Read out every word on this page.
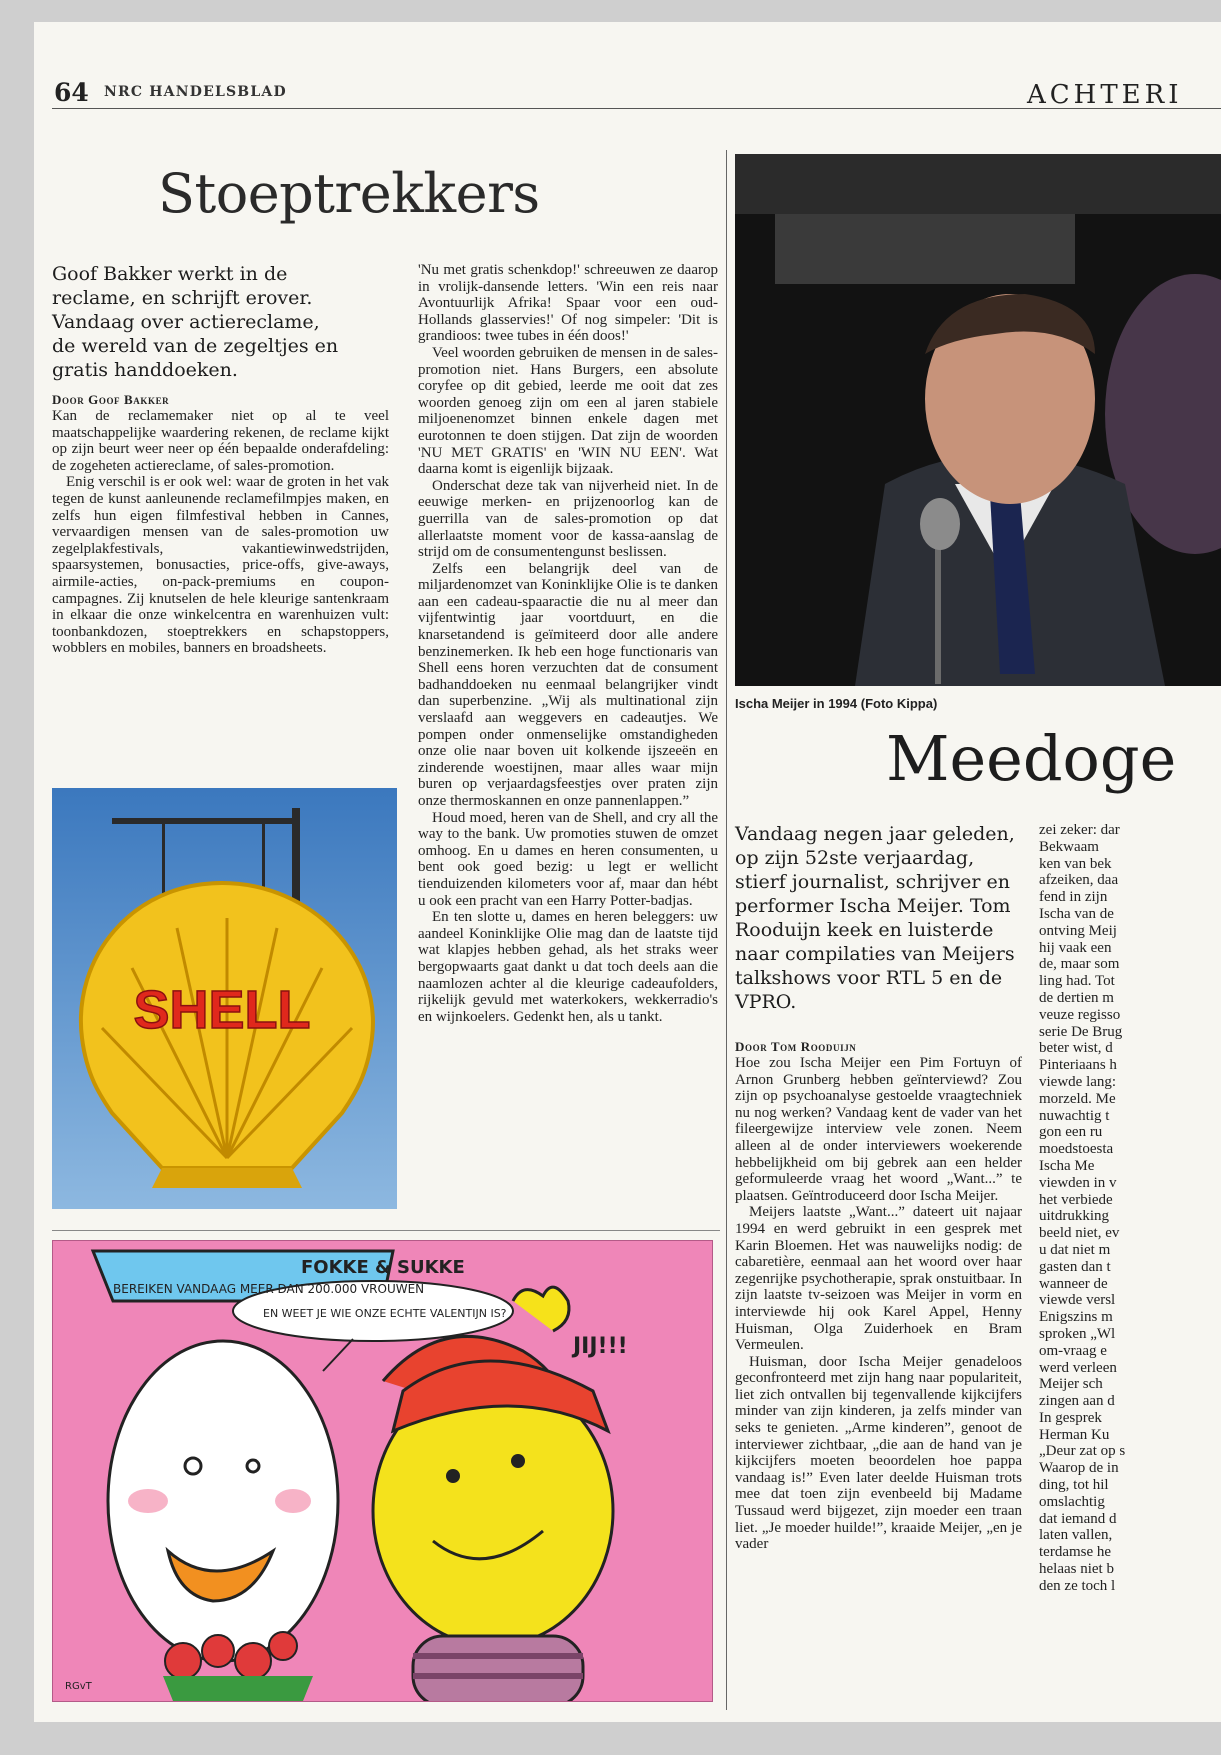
64 NRC HANDELSBLAD	ACHTERI
Stoeptrekkers

Goof Bakker werkt in de reclame, en schrijft erover. Vandaag over actiereclame, de wereld van de zegeltjes en gratis handdoeken.

Door Goof Bakker

Kan de reclamemaker niet op al te veel maatschappelijke waardering rekenen, de reclame kijkt op zijn beurt weer neer op één bepaalde onderafdeling: de zogeheten actiereclame, of sales-promotion.

Enig verschil is er ook wel: waar de groten in het vak tegen de kunst aanleunende reclamefilmpjes maken, en zelfs hun eigen filmfestival hebben in Cannes, vervaardigen mensen van de sales-promotion uw zegelplakfestivals, vakantiewinwedstrijden, spaarsystemen, bonusacties, price-offs, give-aways, airmile-acties, on-pack-premiums en coupon-campagnes. Zij knutselen de hele kleurige santenkraam in elkaar die onze winkelcentra en warenhuizen vult: toonbankdozen, stoeptrekkers en schapstoppers, wobblers en mobiles, banners en broadsheets.

'Nu met gratis schenkdop!' schreeuwen ze daarop in vrolijk-dansende letters. 'Win een reis naar Avontuurlijk Afrika! Spaar voor een oud-Hollands glasservies!' Of nog simpeler: 'Dit is grandioos: twee tubes in één doos!'

Veel woorden gebruiken de mensen in de sales-promotion niet. Hans Burgers, een absolute coryfee op dit gebied, leerde me ooit dat zes woorden genoeg zijn om een al jaren stabiele miljoenenomzet binnen enkele dagen met eurotonnen te doen stijgen. Dat zijn de woorden 'NU MET GRATIS' en 'WIN NU EEN'. Wat daarna komt is eigenlijk bijzaak.

Onderschat deze tak van nijverheid niet. In de eeuwige merken- en prijzenoorlog kan de guerrilla van de sales-promotion op dat allerlaatste moment voor de kassa-aanslag de strijd om de consumentengunst beslissen.

Zelfs een belangrijk deel van de miljardenomzet van Koninklijke Olie is te danken aan een cadeau-spaaractie die nu al meer dan vijfentwintig jaar voortduurt, en die knarsetandend is geïmiteerd door alle andere benzinemerken. Ik heb een hoge functionaris van Shell eens horen verzuchten dat de consument badhanddoeken nu eenmaal belangrijker vindt dan superbenzine. „Wij als multinational zijn verslaafd aan weggevers en cadeautjes. We pompen onder onmenselijke omstandigheden onze olie naar boven uit kolkende ijszeeën en zinderende woestijnen, maar alles waar mijn buren op verjaardagsfeestjes over praten zijn onze thermoskannen en onze pannenlappen.”

Houd moed, heren van de Shell, and cry all the way to the bank. Uw promoties stuwen de omzet omhoog. En u dames en heren consumenten, u bent ook goed bezig: u legt er wellicht tienduizenden kilometers voor af, maar dan hébt u ook een pracht van een Harry Potter-badjas.

En ten slotte u, dames en heren beleggers: uw aandeel Koninklijke Olie mag dan de laatste tijd wat klapjes hebben gehad, als het straks weer bergopwaarts gaat dankt u dat toch deels aan die naamlozen achter al die kleurige cadeaufolders, rijkelijk gevuld met waterkokers, wekkerradio's en wijnkoelers. Gedenkt hen, als u tankt.

SHELL
FOKKE & SUKKE
BEREIKEN VANDAAG MEER DAN 200.000 VROUWEN
EN WEET JE WIE ONZE ECHTE VALENTIJN IS?
JIJ!!!
RGvT
Ischa Meijer in 1994 (Foto Kippa)
Meedoge

Vandaag negen jaar geleden, op zijn 52ste verjaardag, stierf journalist, schrijver en performer Ischa Meijer. Tom Rooduijn keek en luisterde naar compilaties van Meijers talkshows voor RTL 5 en de VPRO.

Door Tom Rooduijn

Hoe zou Ischa Meijer een Pim Fortuyn of Arnon Grunberg hebben geïnterviewd? Zou zijn op psychoanalyse gestoelde vraagtechniek nu nog werken? Vandaag kent de vader van het fileergewijze interview vele zonen. Neem alleen al de onder interviewers woekerende hebbelijkheid om bij gebrek aan een helder geformuleerde vraag het woord „Want...” te plaatsen. Geïntroduceerd door Ischa Meijer.

Meijers laatste „Want...” dateert uit najaar 1994 en werd gebruikt in een gesprek met Karin Bloemen. Het was nauwelijks nodig: de cabaretière, eenmaal aan het woord over haar zegenrijke psychotherapie, sprak onstuitbaar. In zijn laatste tv-seizoen was Meijer in vorm en interviewde hij ook Karel Appel, Henny Huisman, Olga Zuiderhoek en Bram Vermeulen.

Huisman, door Ischa Meijer genadeloos geconfronteerd met zijn hang naar populariteit, liet zich ontvallen bij tegenvallende kijkcijfers minder van zijn kinderen, ja zelfs minder van seks te genieten. „Arme kinderen”, genoot de interviewer zichtbaar, „die aan de hand van je kijkcijfers moeten beoordelen hoe pappa vandaag is!” Even later deelde Huisman trots mee dat toen zijn evenbeeld bij Madame Tussaud werd bijgezet, zijn moeder een traan liet. „Je moeder huilde!”, kraaide Meijer, „en je vader

zei zeker: dar
Bekwaam
ken van bek
afzeiken, daa
fend in zijn
Ischa van de
ontving Meij
hij vaak een
de, maar som
ling had. Tot
de dertien m
veuze regisso
serie De Brug
beter wist, d
Pinteriaans h
viewde lang:
morzeld. Me
nuwachtig t
gon een ru
moedstoesta
Ischa Me
viewden in v
het verbiede
uitdrukking
beeld niet, ev
u dat niet m
gasten dan t
wanneer de
viewde versl
Enigszins m
sproken „Wl
om-vraag e
werd verleen
Meijer sch
zingen aan d
In gesprek
Herman Ku
„Deur zat op s
Waarop de in
ding, tot hil
omslachtig
dat iemand d
laten vallen,
terdamse he
helaas niet b
den ze toch l
